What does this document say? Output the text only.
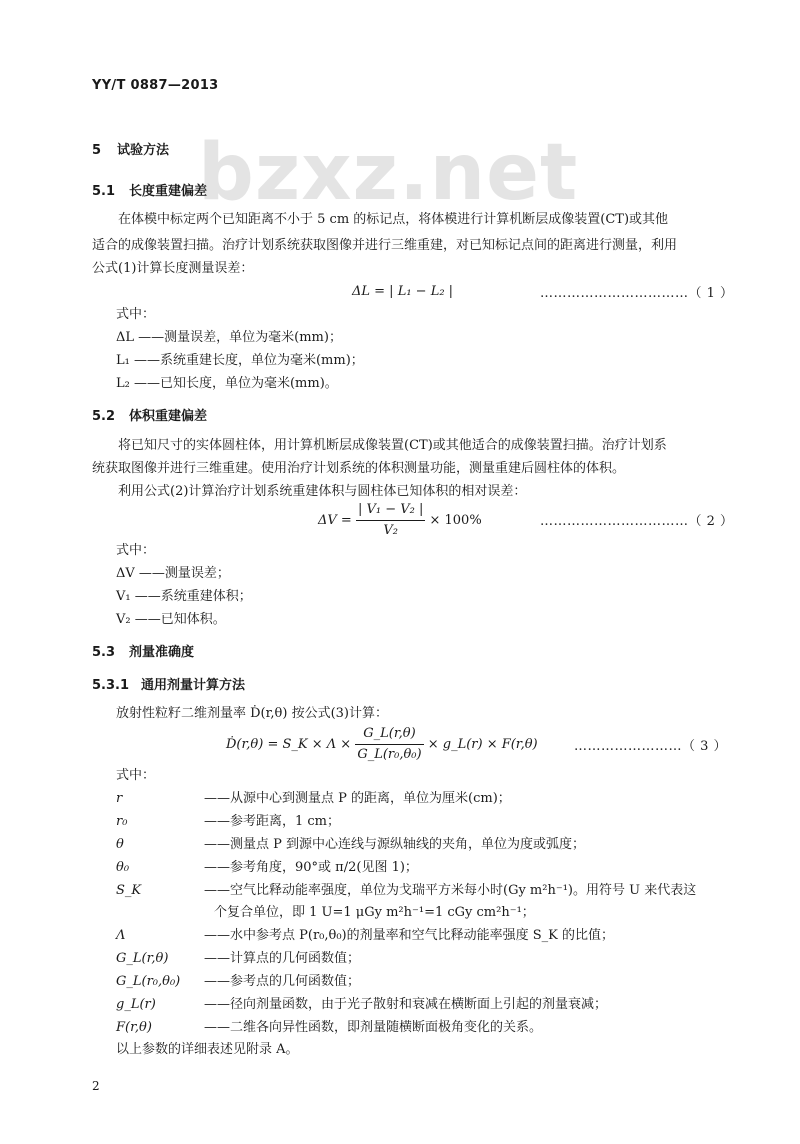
bzxz.net
YY/T 0887—2013
5 试验方法
5.1 长度重建偏差
在体模中标定两个已知距离不小于 5 cm 的标记点，将体模进行计算机断层成像装置(CT)或其他
适合的成像装置扫描。治疗计划系统获取图像并进行三维重建，对已知标记点间的距离进行测量，利用
公式(1)计算长度测量误差：
ΔL = | L₁ − L₂ |	……………………………（ 1 ）
式中：
ΔL ——测量误差，单位为毫米(mm)；
L₁ ——系统重建长度，单位为毫米(mm)；
L₂ ——已知长度，单位为毫米(mm)。
5.2 体积重建偏差
将已知尺寸的实体圆柱体，用计算机断层成像装置(CT)或其他适合的成像装置扫描。治疗计划系
统获取图像并进行三维重建。使用治疗计划系统的体积测量功能，测量重建后圆柱体的体积。
利用公式(2)计算治疗计划系统重建体积与圆柱体已知体积的相对误差：
$\Delta V = \frac{\text{| V₁ − V₂ |}}{\text{V₂}} \times 100\%$	……………………………（ 2 ）
式中：
ΔV ——测量误差；
V₁ ——系统重建体积；
V₂ ——已知体积。
5.3 剂量准确度
5.3.1 通用剂量计算方法
放射性粒籽二维剂量率 Ḋ(r,θ) 按公式(3)计算：
Ḋ(r,θ) = S_K × $\Lambda \times \frac{G\_L(r,\theta)}{\text{G\_L(r₀,θ₀)}}$ × g_L(r) × F(r,θ)	……………………（ 3 ）
式中：
r	——从源中心到测量点 P 的距离，单位为厘米(cm)；
r₀	——参考距离，1 cm；
θ	——测量点 P 到源中心连线与源纵轴线的夹角，单位为度或弧度；
θ₀	——参考角度，90°或 π/2(见图 1)；
S_K	——空气比释动能率强度，单位为戈瑞平方米每小时(Gy m²h⁻¹)。用符号 U 来代表这
个复合单位，即 1 U=1 μGy m²h⁻¹=1 cGy cm²h⁻¹；
Λ	——水中参考点 P(r₀,θ₀)的剂量率和空气比释动能率强度 S_K 的比值；
G_L(r,θ)	——计算点的几何函数值；
G_L(r₀,θ₀) ——参考点的几何函数值；
g_L(r)	——径向剂量函数，由于光子散射和衰减在横断面上引起的剂量衰减；
F(r,θ)	——二维各向异性函数，即剂量随横断面极角变化的关系。
以上参数的详细表述见附录 A。
2
